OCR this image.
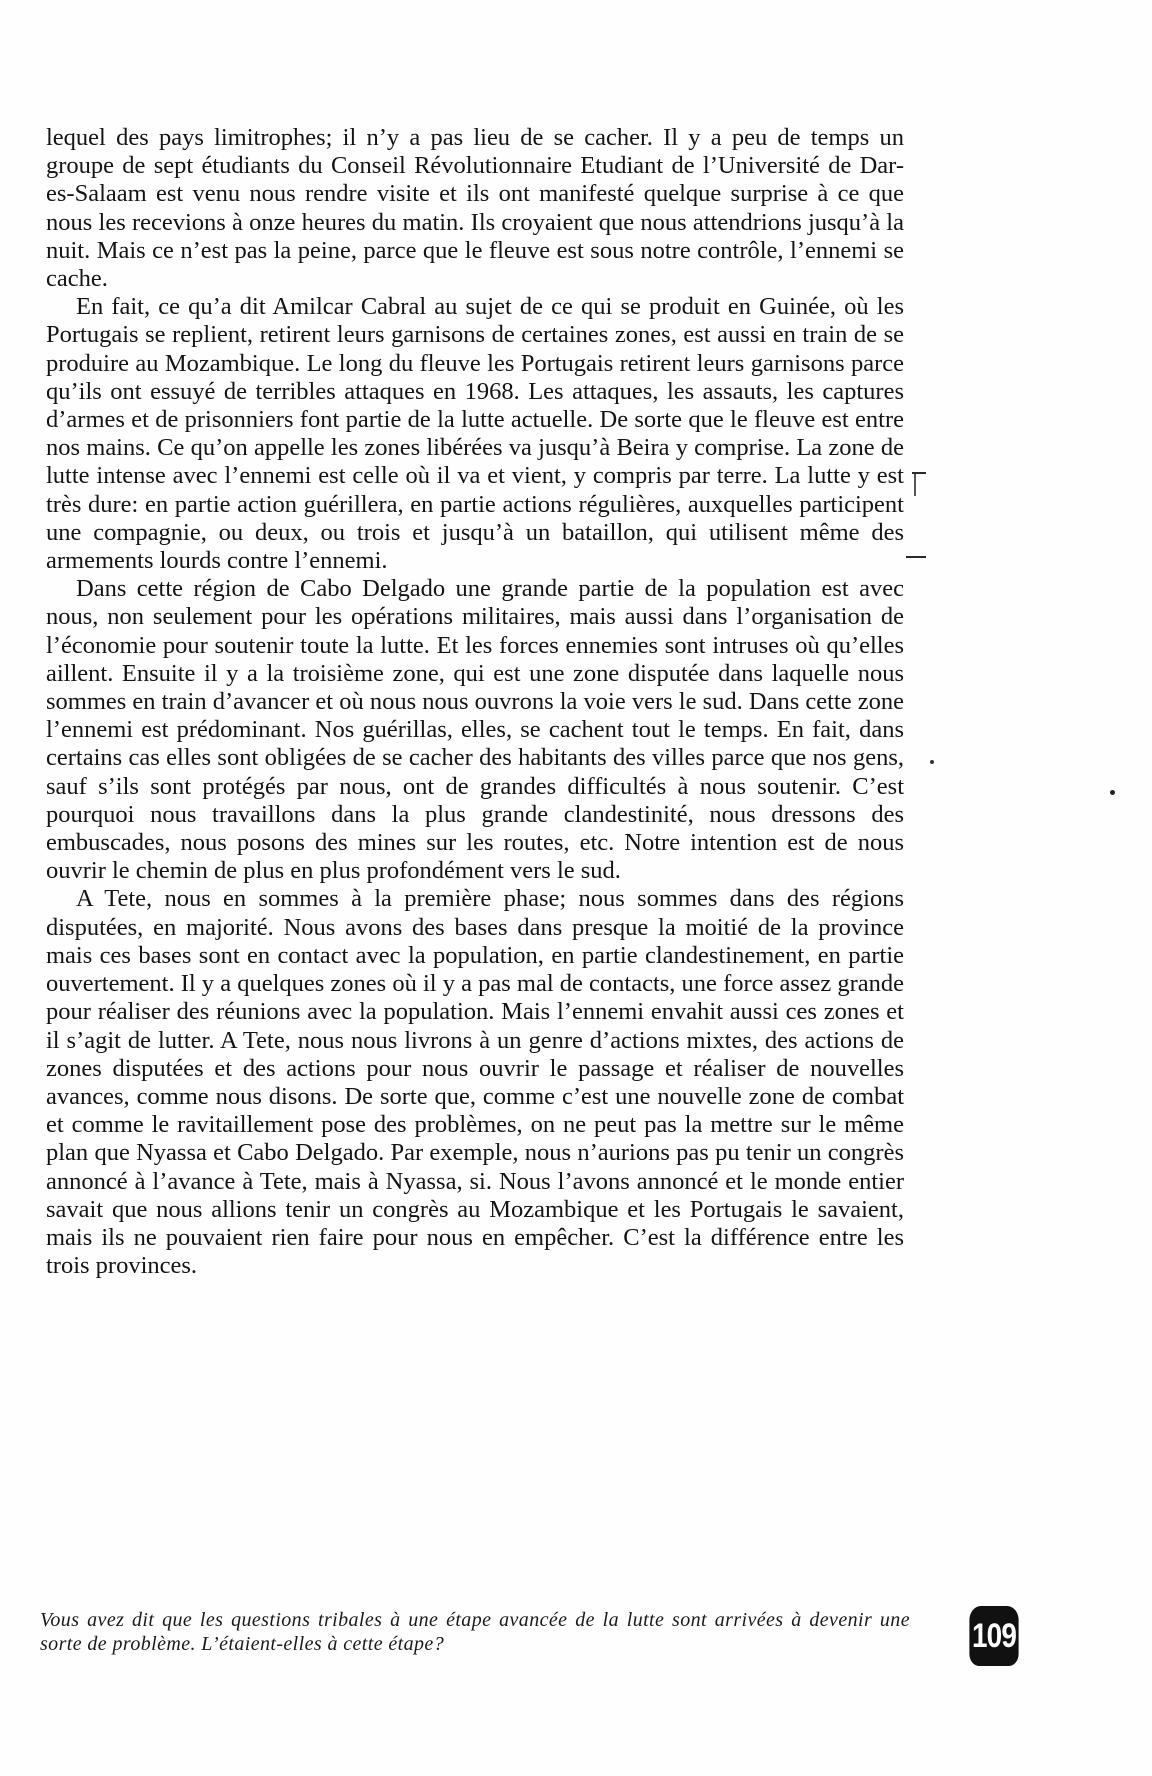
lequel des pays limitrophes; il n’y a pas lieu de se cacher. Il y a peu de temps un groupe de sept étudiants du Conseil Révolutionnaire Etudiant de l’Université de Dar-es-Salaam est venu nous rendre visite et ils ont manifesté quelque surprise à ce que nous les recevions à onze heures du matin. Ils croyaient que nous attendrions jusqu’à la nuit. Mais ce n’est pas la peine, parce que le fleuve est sous notre contrôle, l’ennemi se cache.

En fait, ce qu’a dit Amilcar Cabral au sujet de ce qui se produit en Guinée, où les Portugais se replient, retirent leurs garnisons de certaines zones, est aussi en train de se produire au Mozambique. Le long du fleuve les Portugais retirent leurs garnisons parce qu’ils ont essuyé de terribles attaques en 1968. Les attaques, les assauts, les captures d’armes et de prisonniers font partie de la lutte actuelle. De sorte que le fleuve est entre nos mains. Ce qu’on appelle les zones libérées va jusqu’à Beira y comprise. La zone de lutte intense avec l’ennemi est celle où il va et vient, y compris par terre. La lutte y est très dure: en partie action guérillera, en partie actions régulières, auxquelles participent une compagnie, ou deux, ou trois et jusqu’à un bataillon, qui utilisent même des armements lourds contre l’ennemi.

Dans cette région de Cabo Delgado une grande partie de la population est avec nous, non seulement pour les opérations militaires, mais aussi dans l’organisation de l’économie pour soutenir toute la lutte. Et les forces ennemies sont intruses où qu’elles aillent. Ensuite il y a la troisième zone, qui est une zone disputée dans laquelle nous sommes en train d’avancer et où nous nous ouvrons la voie vers le sud. Dans cette zone l’ennemi est prédominant. Nos guérillas, elles, se cachent tout le temps. En fait, dans certains cas elles sont obligées de se cacher des habitants des villes parce que nos gens, sauf s’ils sont protégés par nous, ont de grandes difficultés à nous soutenir. C’est pourquoi nous travaillons dans la plus grande clandestinité, nous dressons des embuscades, nous posons des mines sur les routes, etc. Notre intention est de nous ouvrir le chemin de plus en plus profondément vers le sud.

A Tete, nous en sommes à la première phase; nous sommes dans des régions disputées, en majorité. Nous avons des bases dans presque la moitié de la province mais ces bases sont en contact avec la population, en partie clandestinement, en partie ouvertement. Il y a quelques zones où il y a pas mal de contacts, une force assez grande pour réaliser des réunions avec la population. Mais l’ennemi envahit aussi ces zones et il s’agit de lutter. A Tete, nous nous livrons à un genre d’actions mixtes, des actions de zones disputées et des actions pour nous ouvrir le passage et réaliser de nouvelles avances, comme nous disons. De sorte que, comme c’est une nouvelle zone de combat et comme le ravitaillement pose des problèmes, on ne peut pas la mettre sur le même plan que Nyassa et Cabo Delgado. Par exemple, nous n’aurions pas pu tenir un congrès annoncé à l’avance à Tete, mais à Nyassa, si. Nous l’avons annoncé et le monde entier savait que nous allions tenir un congrès au Mozambique et les Portugais le savaient, mais ils ne pouvaient rien faire pour nous en empêcher. C’est la différence entre les trois provinces.

Vous avez dit que les questions tribales à une étape avancée de la lutte sont arrivées à devenir une sorte de problème. L’étaient-elles à cette étape?	109
